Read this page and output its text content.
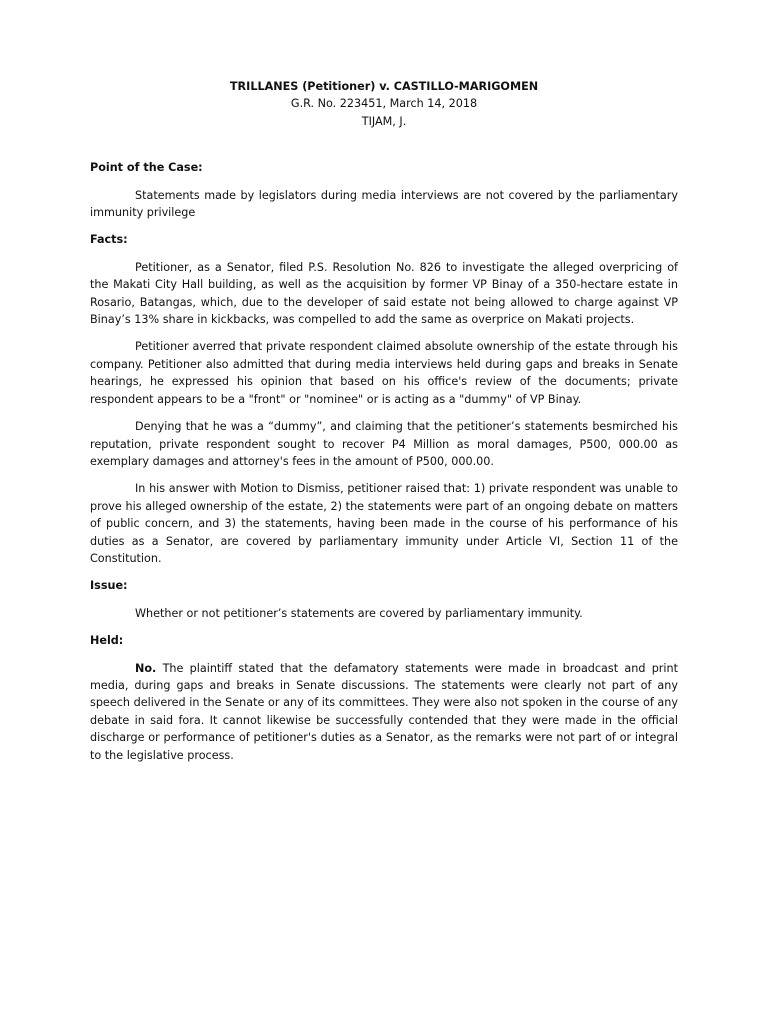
TRILLANES (Petitioner) v. CASTILLO-MARIGOMEN
G.R. No. 223451, March 14, 2018
TIJAM, J.
Point of the Case:

Statements made by legislators during media interviews are not covered by the parliamentary immunity privilege

Facts:

Petitioner, as a Senator, filed P.S. Resolution No. 826 to investigate the alleged overpricing of the Makati City Hall building, as well as the acquisition by former VP Binay of a 350-hectare estate in Rosario, Batangas, which, due to the developer of said estate not being allowed to charge against VP Binay’s 13% share in kickbacks, was compelled to add the same as overprice on Makati projects.

Petitioner averred that private respondent claimed absolute ownership of the estate through his company. Petitioner also admitted that during media interviews held during gaps and breaks in Senate hearings, he expressed his opinion that based on his office's review of the documents; private respondent appears to be a "front" or "nominee" or is acting as a "dummy" of VP Binay.

Denying that he was a “dummy”, and claiming that the petitioner’s statements besmirched his reputation, private respondent sought to recover P4 Million as moral damages, P500, 000.00 as exemplary damages and attorney's fees in the amount of P500, 000.00.

In his answer with Motion to Dismiss, petitioner raised that: 1) private respondent was unable to prove his alleged ownership of the estate, 2) the statements were part of an ongoing debate on matters of public concern, and 3) the statements, having been made in the course of his performance of his duties as a Senator, are covered by parliamentary immunity under Article VI, Section 11 of the Constitution.

Issue:

Whether or not petitioner’s statements are covered by parliamentary immunity.

Held:

No. The plaintiff stated that the defamatory statements were made in broadcast and print media, during gaps and breaks in Senate discussions. The statements were clearly not part of any speech delivered in the Senate or any of its committees. They were also not spoken in the course of any debate in said fora. It cannot likewise be successfully contended that they were made in the official discharge or performance of petitioner's duties as a Senator, as the remarks were not part of or integral to the legislative process.
